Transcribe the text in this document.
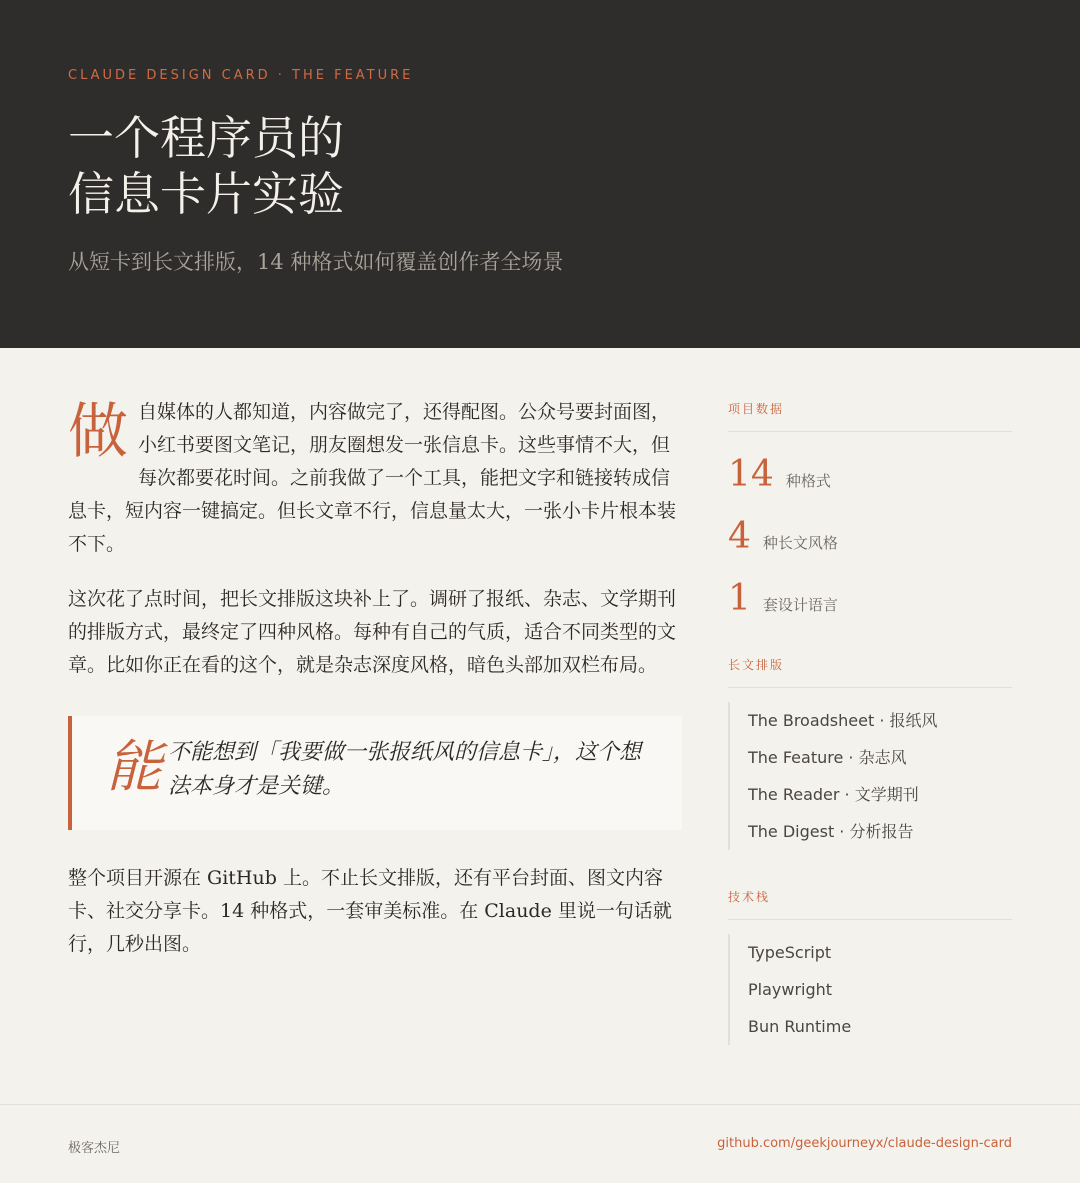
CLAUDE DESIGN CARD · THE FEATURE
一个程序员的
信息卡片实验
从短卡到长文排版，14 种格式如何覆盖创作者全场景

做 自媒体的人都知道，内容做完了，还得配图。公众号要封面图，小红书要图文笔记，朋友圈想发一张信息卡。这些事情不大，但每次都要花时间。之前我做了一个工具，能把文字和链接转成信息卡，短内容一键搞定。但长文章不行，信息量太大，一张小卡片根本装不下。

这次花了点时间，把长文排版这块补上了。调研了报纸、杂志、文学期刊的排版方式，最终定了四种风格。每种有自己的气质，适合不同类型的文章。比如你正在看的这个，就是杂志深度风格，暗色头部加双栏布局。

能 不能想到「我要做一张报纸风的信息卡」，这个想法本身才是关键。

整个项目开源在 GitHub 上。不止长文排版，还有平台封面、图文内容卡、社交分享卡。14 种格式，一套审美标准。在 Claude 里说一句话就行，几秒出图。

项目数据
14 种格式
4 种长文风格
1 套设计语言
长文排版
The Broadsheet · 报纸风
The Feature · 杂志风
The Reader · 文学期刊
The Digest · 分析报告
技术栈
TypeScript
Playwright
Bun Runtime
极客杰尼	github.com/geekjourneyx/claude-design-card
